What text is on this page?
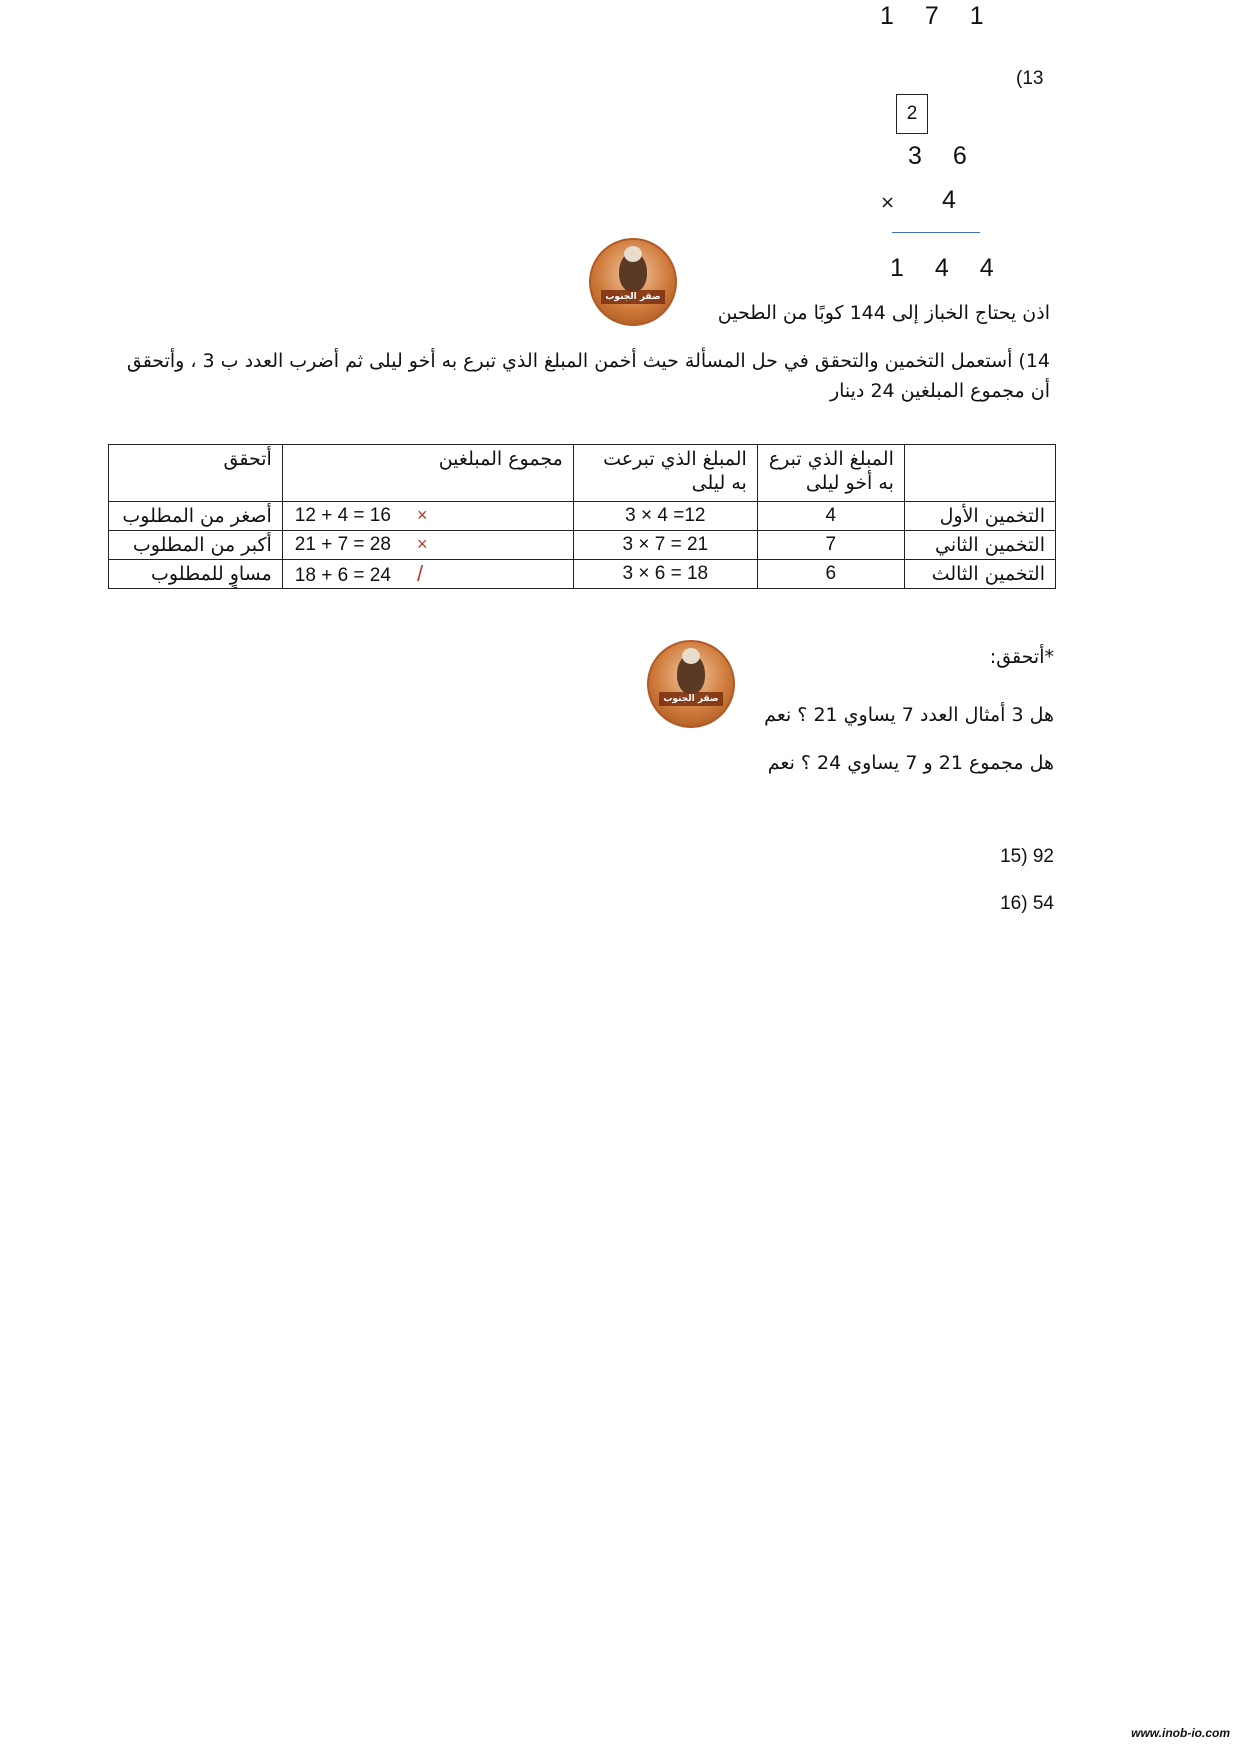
1 7 1
(13
2
3 6
× 4
1 4 4
صقر الجنوب
اذن يحتاج الخباز إلى 144 كوبًا من الطحين
14) أستعمل التخمين والتحقق في حل المسألة حيث أخمن المبلغ الذي تبرع به أخو ليلى ثم أضرب العدد ب 3 ، وأتحقق
أن مجموع المبلغين 24 دينار
	المبلغ الذي تبرع به أخو ليلى	المبلغ الذي تبرعت به ليلى	مجموع المبلغين	أتحقق
التخمين الأول	4	12= 4 × 3	12 + 4 = 16 ×	أصغر من المطلوب
التخمين الثاني	7	21 = 7 × 3	21 + 7 = 28 ×	أكبر من المطلوب
التخمين الثالث	6	18 = 6 × 3	18 + 6 = 24 /	مساوٍ للمطلوب
صقر الجنوب
*أتحقق:
هل 3 أمثال العدد 7 يساوي 21 ؟ نعم
هل مجموع 21 و 7 يساوي 24 ؟ نعم
92 (15
54 (16
www.inob-io.com
